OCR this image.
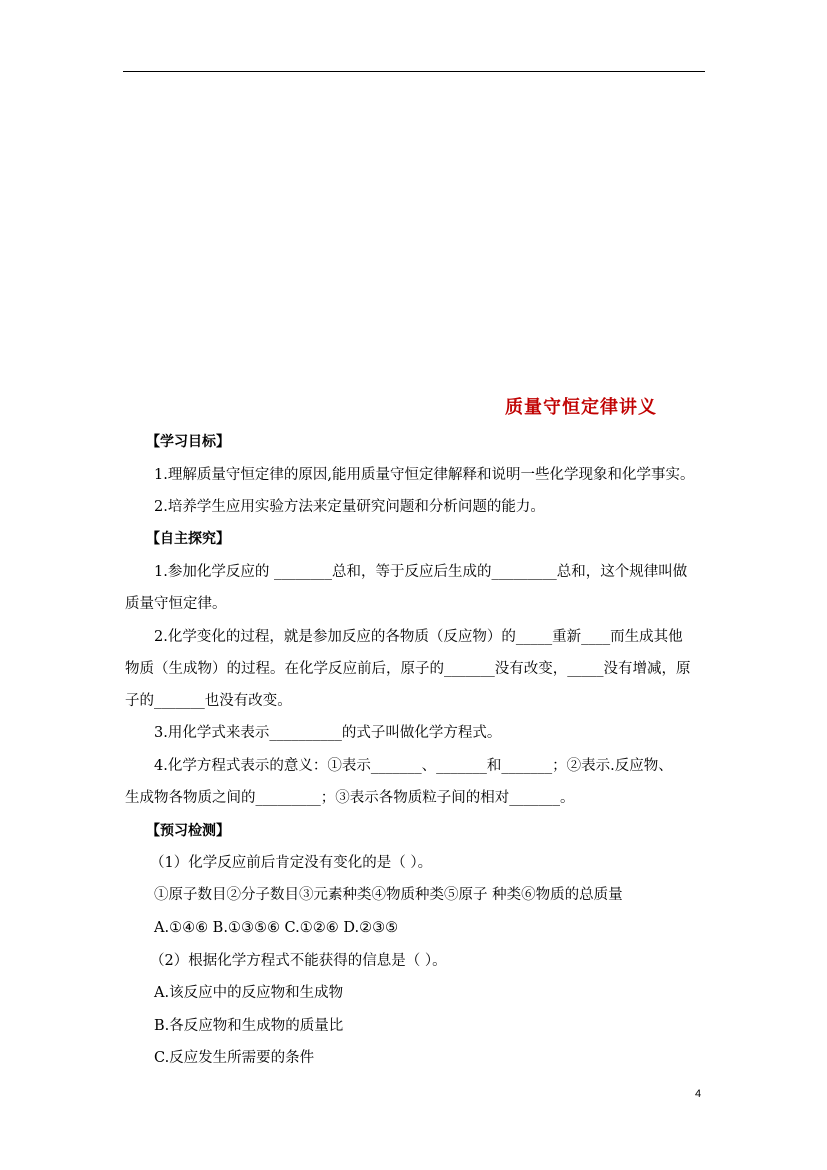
质量守恒定律讲义
【学习目标】
1.理解质量守恒定律的原因,能用质量守恒定律解释和说明一些化学现象和化学事实。
2.培养学生应用实验方法来定量研究问题和分析问题的能力。
【自主探究】
1.参加化学反应的 ________总和，等于反应后生成的_________总和，这个规律叫做
质量守恒定律。
2.化学变化的过程，就是参加反应的各物质（反应物）的_____重新____而生成其他
物质（生成物）的过程。在化学反应前后，原子的_______没有改变，_____没有增减，原
子的_______也没有改变。
3.用化学式来表示__________的式子叫做化学方程式。
4.化学方程式表示的意义：①表示_______、_______和_______；②表示.反应物、
生成物各物质之间的_________；③表示各物质粒子间的相对_______。
【预习检测】
（1）化学反应前后肯定没有变化的是（ ）。
①原子数目②分子数目③元素种类④物质种类⑤原子 种类⑥物质的总质量
A.①④⑥ B.①③⑤⑥ C.①②⑥ D.②③⑤
（2）根据化学方程式不能获得的信息是（ ）。
A.该反应中的反应物和生成物
B.各反应物和生成物的质量比
C.反应发生所需要的条件
4
